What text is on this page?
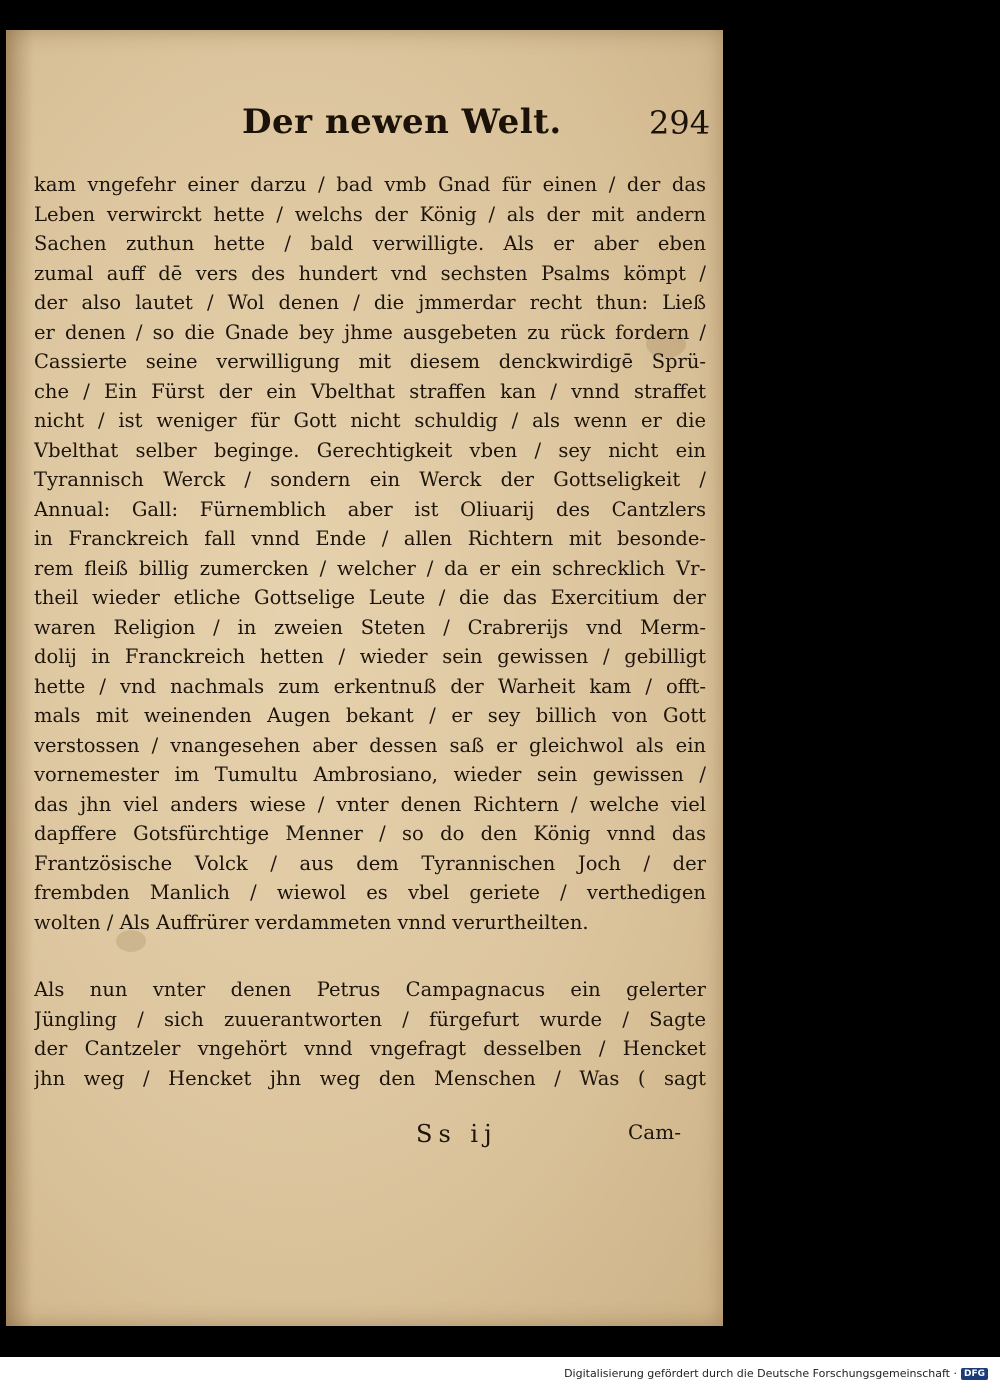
Der newen Welt.	294
kam vngefehr einer darzu / bad vmb Gnad für einen / der das
Leben verwirckt hette / welchs der König / als der mit andern
Sachen zuthun hette / bald verwilligte. Als er aber eben
zumal auff dē vers des hundert vnd sechsten Psalms kömpt /
der also lautet / Wol denen / die jmmerdar recht thun: Ließ
er denen / so die Gnade bey jhme ausgebeten zu rück fordern /
Cassierte seine verwilligung mit diesem denckwirdigē Sprü-
che / Ein Fürst der ein Vbelthat straffen kan / vnnd straffet
nicht / ist weniger für Gott nicht schuldig / als wenn er die
Vbelthat selber beginge. Gerechtigkeit vben / sey nicht ein
Tyrannisch Werck / sondern ein Werck der Gottseligkeit /
Annual: Gall: Fürnemblich aber ist Oliuarij des Cantzlers
in Franckreich fall vnnd Ende / allen Richtern mit besonde-
rem fleiß billig zumercken / welcher / da er ein schrecklich Vr-
theil wieder etliche Gottselige Leute / die das Exercitium der
waren Religion / in zweien Steten / Crabrerijs vnd Merm-
dolij in Franckreich hetten / wieder sein gewissen / gebilligt
hette / vnd nachmals zum erkentnuß der Warheit kam / offt-
mals mit weinenden Augen bekant / er sey billich von Gott
verstossen / vnangesehen aber dessen saß er gleichwol als ein
vornemester im Tumultu Ambrosiano, wieder sein gewissen /
das jhn viel anders wiese / vnter denen Richtern / welche viel
dapffere Gotsfürchtige Menner / so do den König vnnd das
Frantzösische Volck / aus dem Tyrannischen Joch / der
frembden Manlich / wiewol es vbel geriete / verthedigen
wolten / Als Auffrürer verdammeten vnnd verurtheilten.
Als nun vnter denen Petrus Campagnacus ein gelerter
Jüngling / sich zuuerantworten / fürgefurt wurde / Sagte
der Cantzeler vngehört vnnd vngefragt desselben / Hencket
jhn weg / Hencket jhn weg den Menschen / Was ( sagt
Ss ij	Cam-
Digitalisierung gefördert durch die Deutsche Forschungsgemeinschaft · DFG
